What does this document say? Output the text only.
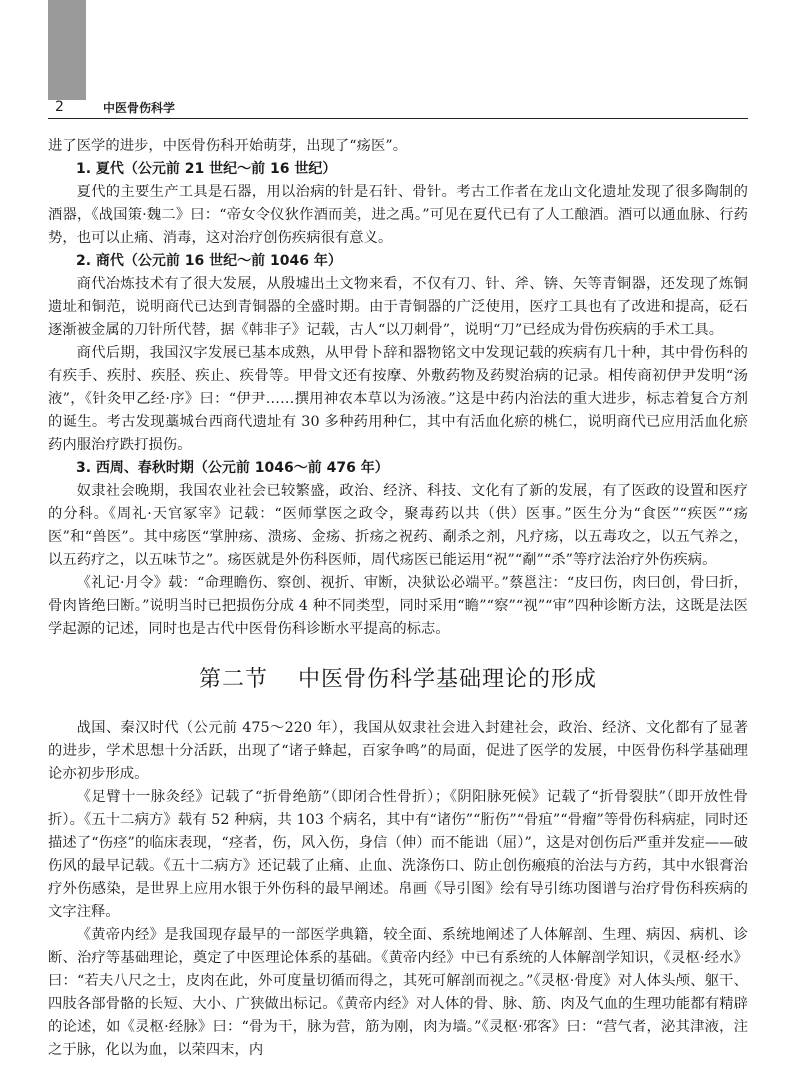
2	中医骨伤科学

进了医学的进步，中医骨伤科开始萌芽，出现了“疡医”。

1. 夏代（公元前 21 世纪～前 16 世纪）

夏代的主要生产工具是石器，用以治病的针是石针、骨针。考古工作者在龙山文化遗址发现了很多陶制的酒器，《战国策·魏二》曰：“帝女令仪狄作酒而美，进之禹。”可见在夏代已有了人工酿酒。酒可以通血脉、行药势，也可以止痛、消毒，这对治疗创伤疾病很有意义。

2. 商代（公元前 16 世纪～前 1046 年）

商代冶炼技术有了很大发展，从殷墟出土文物来看，不仅有刀、针、斧、锛、矢等青铜器，还发现了炼铜遗址和铜范，说明商代已达到青铜器的全盛时期。由于青铜器的广泛使用，医疗工具也有了改进和提高，砭石逐渐被金属的刀针所代替，据《韩非子》记载，古人“以刀刺骨”，说明“刀”已经成为骨伤疾病的手术工具。

商代后期，我国汉字发展已基本成熟，从甲骨卜辞和器物铭文中发现记载的疾病有几十种，其中骨伤科的有疾手、疾肘、疾胫、疾止、疾骨等。甲骨文还有按摩、外敷药物及药熨治病的记录。相传商初伊尹发明“汤液”，《针灸甲乙经·序》曰：“伊尹……撰用神农本草以为汤液。”这是中药内治法的重大进步，标志着复合方剂的诞生。考古发现藁城台西商代遗址有 30 多种药用种仁，其中有活血化瘀的桃仁，说明商代已应用活血化瘀药内服治疗跌打损伤。

3. 西周、春秋时期（公元前 1046～前 476 年）

奴隶社会晚期，我国农业社会已较繁盛，政治、经济、科技、文化有了新的发展，有了医政的设置和医疗的分科。《周礼·天官冢宰》记载：“医师掌医之政令，聚毒药以共（供）医事。”医生分为“食医”“疾医”“疡医”和“兽医”。其中疡医“掌肿疡、溃疡、金疡、折疡之祝药、劀杀之剂，凡疗疡，以五毒攻之，以五气养之，以五药疗之，以五味节之”。疡医就是外伤科医师，周代疡医已能运用“祝”“劀”“杀”等疗法治疗外伤疾病。

《礼记·月令》载：“命理瞻伤、察创、视折、审断，决狱讼必端平。”蔡邕注：“皮曰伤，肉曰创，骨曰折，骨肉皆绝曰断。”说明当时已把损伤分成 4 种不同类型，同时采用“瞻”“察”“视”“审”四种诊断方法，这既是法医学起源的记述，同时也是古代中医骨伤科诊断水平提高的标志。

第二节 中医骨伤科学基础理论的形成

战国、秦汉时代（公元前 475～220 年），我国从奴隶社会进入封建社会，政治、经济、文化都有了显著的进步，学术思想十分活跃，出现了“诸子蜂起，百家争鸣”的局面，促进了医学的发展，中医骨伤科学基础理论亦初步形成。

《足臂十一脉灸经》记载了“折骨绝筋”（即闭合性骨折）；《阴阳脉死候》记载了“折骨裂肤”（即开放性骨折）。《五十二病方》载有 52 种病，共 103 个病名，其中有“诸伤”“胻伤”“骨疽”“骨瘤”等骨伤科病症，同时还描述了“伤痉”的临床表现，“痉者，伤，风入伤，身信（伸）而不能诎（屈）”，这是对创伤后严重并发症——破伤风的最早记载。《五十二病方》还记载了止痛、止血、洗涤伤口、防止创伤瘢痕的治法与方药，其中水银膏治疗外伤感染，是世界上应用水银于外伤科的最早阐述。帛画《导引图》绘有导引练功图谱与治疗骨伤科疾病的文字注释。

《黄帝内经》是我国现存最早的一部医学典籍，较全面、系统地阐述了人体解剖、生理、病因、病机、诊断、治疗等基础理论，奠定了中医理论体系的基础。《黄帝内经》中已有系统的人体解剖学知识，《灵枢·经水》曰：“若夫八尺之士，皮肉在此，外可度量切循而得之，其死可解剖而视之。”《灵枢·骨度》对人体头颅、躯干、四肢各部骨骼的长短、大小、广狭做出标记。《黄帝内经》对人体的骨、脉、筋、肉及气血的生理功能都有精辟的论述，如《灵枢·经脉》曰：“骨为干，脉为营，筋为刚，肉为墙。”《灵枢·邪客》曰：“营气者，泌其津液，注之于脉，化以为血，以荣四末，内
